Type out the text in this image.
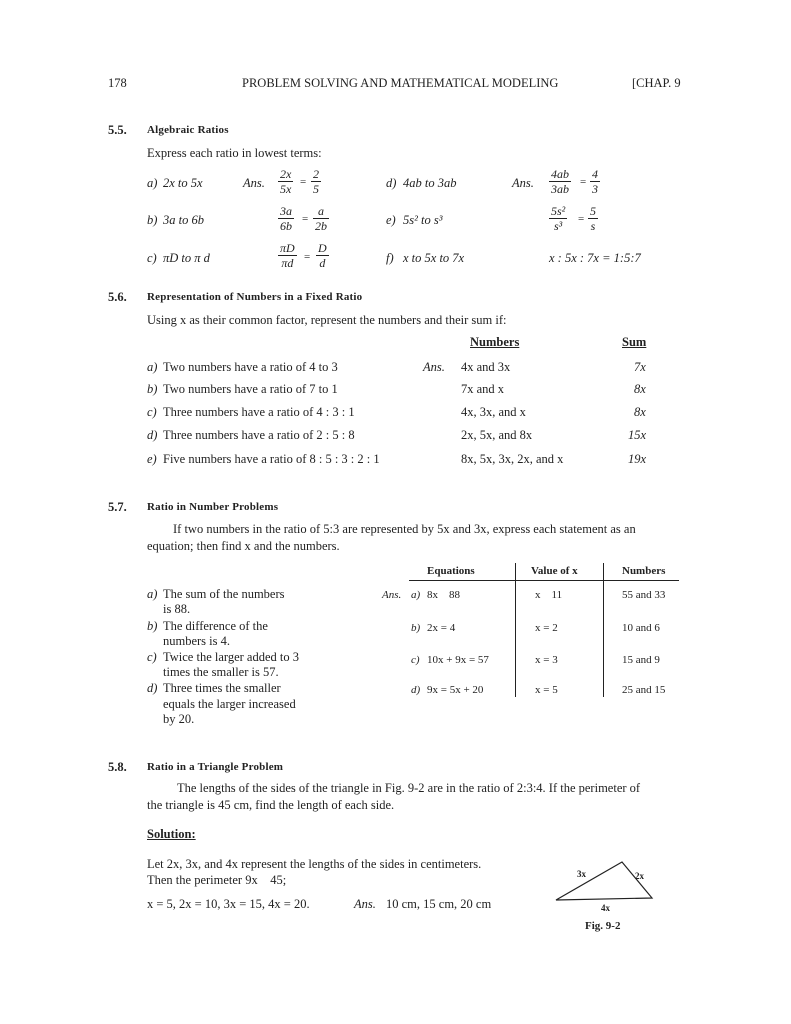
178	PROBLEM SOLVING AND MATHEMATICAL MODELING	[CHAP. 9
5.5. Algebraic Ratios
Express each ratio in lowest terms:
a) 2x to 5x	Ans. $\frac{2x}{5x} = \frac{2}{5}$
b) 3a to 6b	$\frac{3a}{6b} = \frac{a}{2b}$
c) πD to π d	$\frac{\pi D}{\pi d} = \frac{D}{d}$
d) 4ab to 3ab	Ans. $\frac{4ab}{3ab} = \frac{4}{3}$
e) 5s² to s³	$\frac{\text{5s²}}{\text{s³}} = \frac{5}{s}$
f) x to 5x to 7x	x : 5x : 7x = 1:5:7
5.6. Representation of Numbers in a Fixed Ratio
Using x as their common factor, represent the numbers and their sum if:
Numbers	Sum
Ans.
a) Two numbers have a ratio of 4 to 3	4x and 3x	7x
b) Two numbers have a ratio of 7 to 1	7x and x	8x
c) Three numbers have a ratio of 4 : 3 : 1	4x, 3x, and x	8x
d) Three numbers have a ratio of 2 : 5 : 8	2x, 5x, and 8x	15x
e) Five numbers have a ratio of 8 : 5 : 3 : 2 : 1	8x, 5x, 3x, 2x, and x	19x
5.7. Ratio in Number Problems
If two numbers in the ratio of 5:3 are represented by 5x and 3x, express each statement as an
equation; then find x and the numbers.
Equations	Value of x	Numbers
Ans.
a) The sum of the numbers
is 88.
a) 8x    88	x    11	55 and 33
b) The difference of the
numbers is 4.
b) 2x = 4	x = 2	10 and 6
c) Twice the larger added to 3
times the smaller is 57.
c) 10x + 9x = 57	x = 3	15 and 9
d) Three times the smaller
equals the larger increased
by 20.
d) 9x = 5x + 20	x = 5	25 and 15
5.8. Ratio in a Triangle Problem
The lengths of the sides of the triangle in Fig. 9-2 are in the ratio of 2:3:4. If the perimeter of
the triangle is 45 cm, find the length of each side.
Solution:
Let 2x, 3x, and 4x represent the lengths of the sides in centimeters.
Then the perimeter 9x    45;
x = 5, 2x = 10, 3x = 15, 4x = 20.	Ans. 10 cm, 15 cm, 20 cm
3x	2x
4x
Fig. 9-2
